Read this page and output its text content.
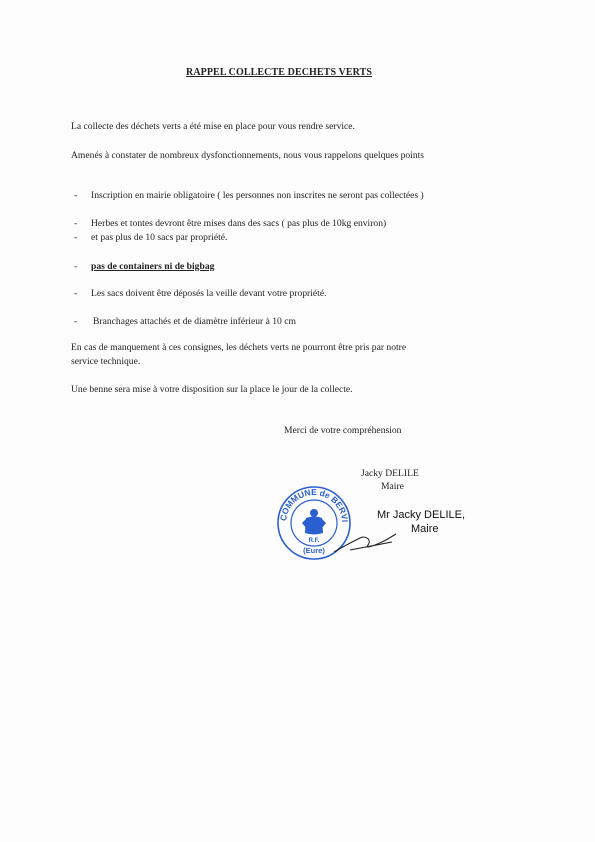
RAPPEL COLLECTE DECHETS VERTS
La collecte des déchets verts a été mise en place pour vous rendre service.
Amenés à constater de nombreux dysfonctionnements, nous vous rappelons quelques points
- Inscription en mairie obligatoire ( les personnes non inscrites ne seront pas collectées )
- Herbes et tontes devront être mises dans des sacs ( pas plus de 10kg environ)
- et pas plus de 10 sacs par propriété.
- pas de containers ni de bigbag
- Les sacs doivent être déposés la veille devant votre propriété.
- Branchages attachés et de diamètre inférieur à 10 cm
En cas de manquement à ces consignes, les déchets verts ne pourront être pris par notre
service technique.
Une benne sera mise à votre disposition sur la place le jour de la collecte.
Merci de votre compréhension
Jacky DELILE
Maire
COMMUNE de BERVI
R.F.
(Eure)
Mr Jacky DELILE,
Maire
